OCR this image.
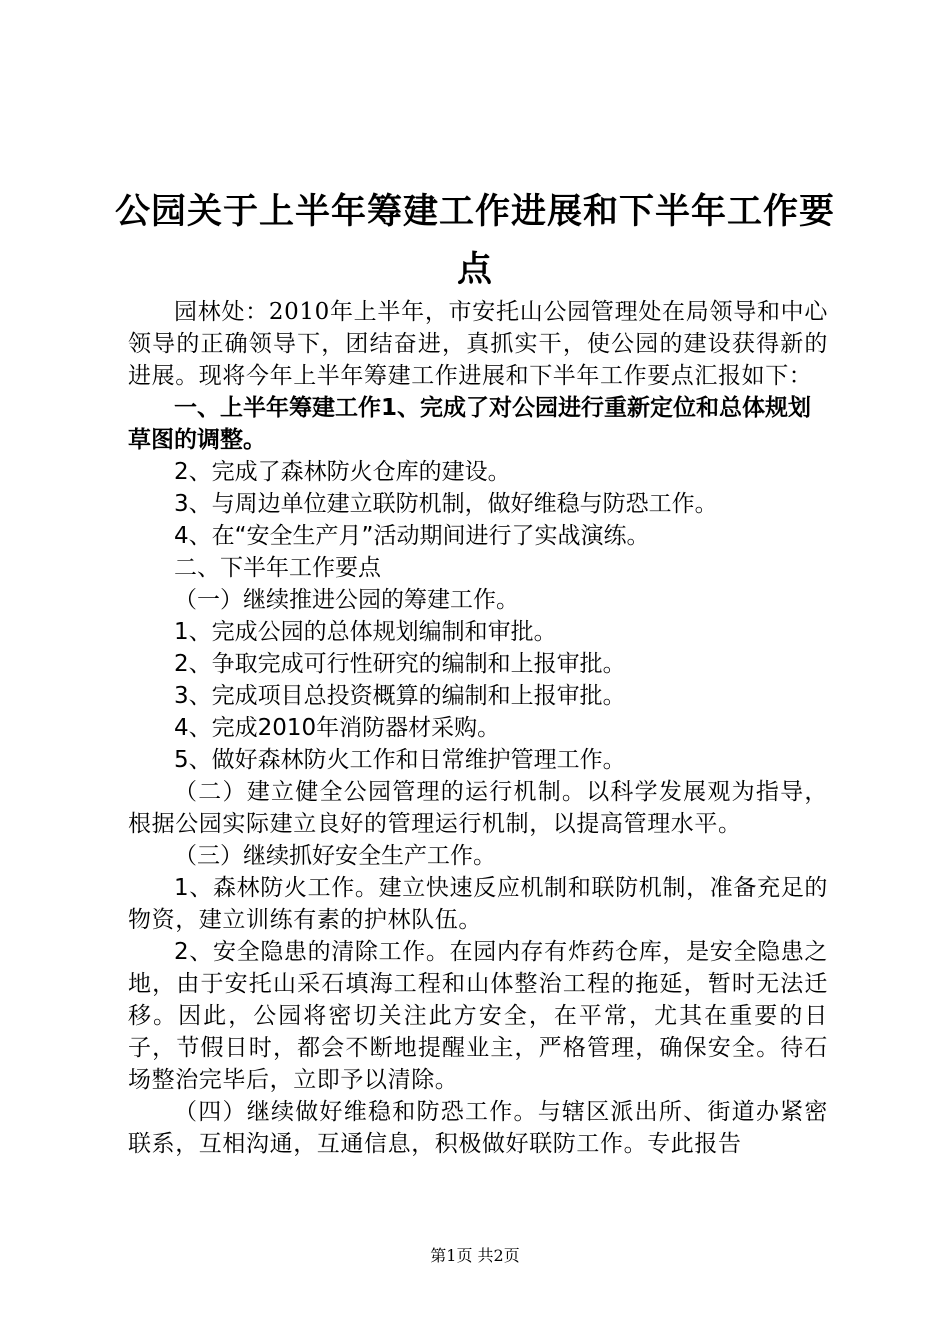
公园关于上半年筹建工作进展和下半年工作要
点

园林处：2010年上半年，市安托山公园管理处在局领导和中心领导的正确领导下，团结奋进，真抓实干，使公园的建设获得新的进展。现将今年上半年筹建工作进展和下半年工作要点汇报如下：

一、上半年筹建工作1、完成了对公园进行重新定位和总体规划草图的调整。

2、完成了森林防火仓库的建设。

3、与周边单位建立联防机制，做好维稳与防恐工作。

4、在“安全生产月”活动期间进行了实战演练。

二、下半年工作要点

（一）继续推进公园的筹建工作。

1、完成公园的总体规划编制和审批。

2、争取完成可行性研究的编制和上报审批。

3、完成项目总投资概算的编制和上报审批。

4、完成2010年消防器材采购。

5、做好森林防火工作和日常维护管理工作。

（二）建立健全公园管理的运行机制。以科学发展观为指导，根据公园实际建立良好的管理运行机制，以提高管理水平。

（三）继续抓好安全生产工作。

1、森林防火工作。建立快速反应机制和联防机制，准备充足的物资，建立训练有素的护林队伍。

2、安全隐患的清除工作。在园内存有炸药仓库，是安全隐患之地，由于安托山采石填海工程和山体整治工程的拖延，暂时无法迁移。因此，公园将密切关注此方安全，在平常，尤其在重要的日子，节假日时，都会不断地提醒业主，严格管理，确保安全。待石场整治完毕后，立即予以清除。

（四）继续做好维稳和防恐工作。与辖区派出所、街道办紧密联系，互相沟通，互通信息，积极做好联防工作。专此报告

第1页 共2页
